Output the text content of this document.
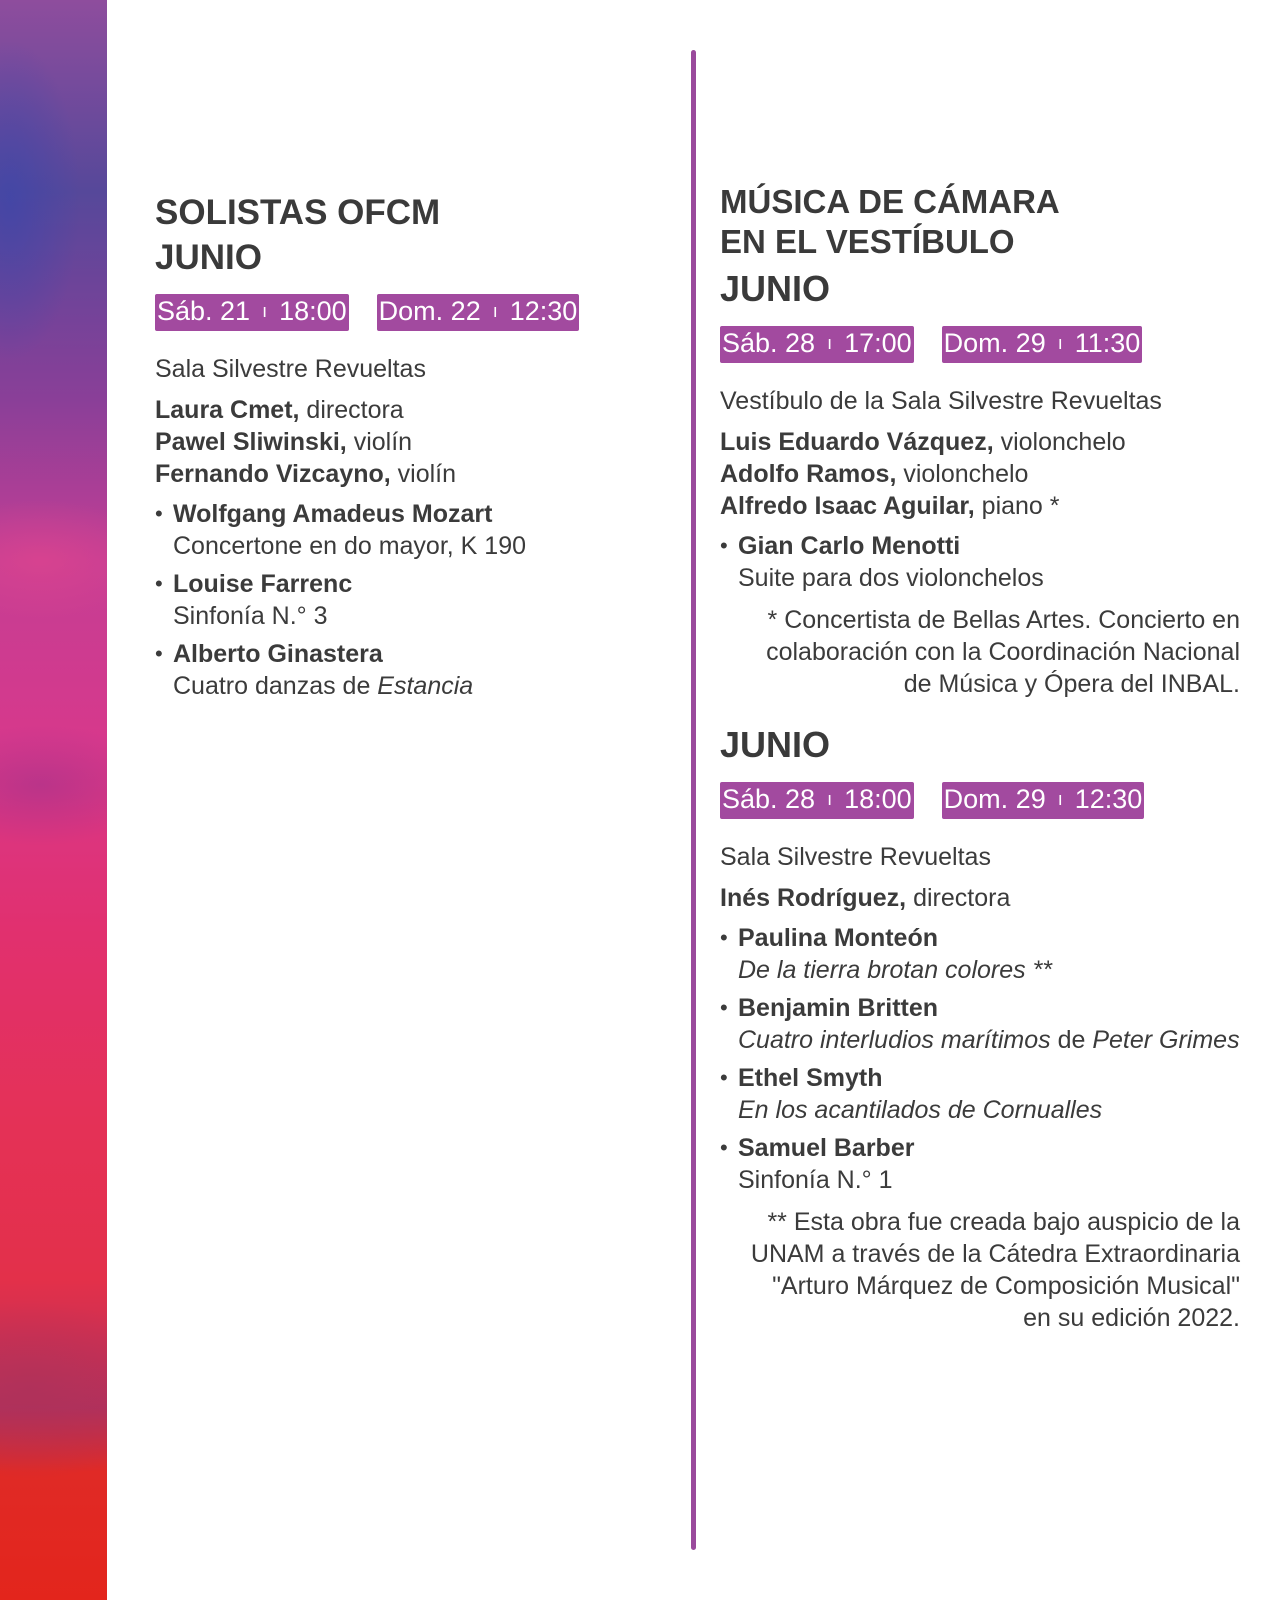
SOLISTAS OFCM
JUNIO
Sáb. 21 ı 18:00 Dom. 22 ı 12:30

Sala Silvestre Revueltas

Laura Cmet, directora

Pawel Sliwinski, violín

Fernando Vizcayno, violín

• Wolfgang Amadeus Mozart
Concertone en do mayor, K 190
• Louise Farrenc
Sinfonía N.° 3
• Alberto Ginastera
Cuatro danzas de Estancia
MÚSICA DE CÁMARA
EN EL VESTÍBULO
JUNIO
Sáb. 28 ı 17:00 Dom. 29 ı 11:30

Vestíbulo de la Sala Silvestre Revueltas

Luis Eduardo Vázquez, violonchelo

Adolfo Ramos, violonchelo

Alfredo Isaac Aguilar, piano *

• Gian Carlo Menotti
Suite para dos violonchelos

* Concertista de Bellas Artes. Concierto en colaboración con la Coordinación Nacional de Música y Ópera del INBAL.

JUNIO
Sáb. 28 ı 18:00 Dom. 29 ı 12:30

Sala Silvestre Revueltas

Inés Rodríguez, directora

• Paulina Monteón
De la tierra brotan colores **
• Benjamin Britten
Cuatro interludios marítimos de Peter Grimes
• Ethel Smyth
En los acantilados de Cornualles
• Samuel Barber
Sinfonía N.° 1

** Esta obra fue creada bajo auspicio de la UNAM a través de la Cátedra Extraordinaria "Arturo Márquez de Composición Musical" en su edición 2022.
